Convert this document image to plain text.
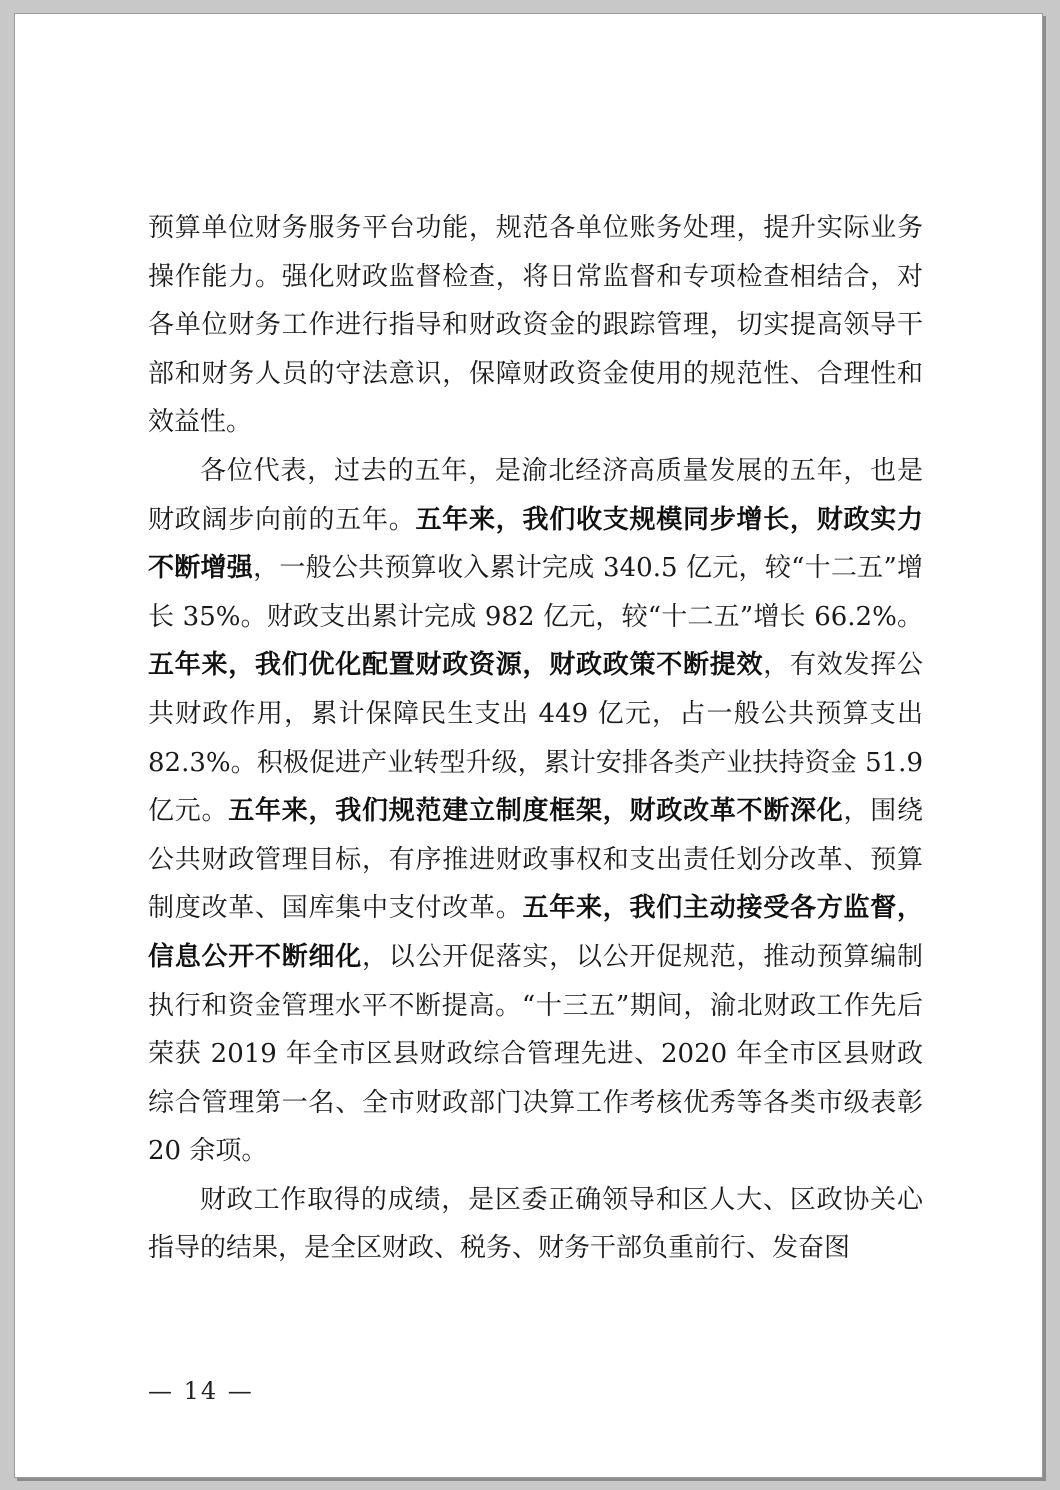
预算单位财务服务平台功能，规范各单位账务处理，提升实际业务操作能力。强化财政监督检查，将日常监督和专项检查相结合，对各单位财务工作进行指导和财政资金的跟踪管理，切实提高领导干部和财务人员的守法意识，保障财政资金使用的规范性、合理性和效益性。

各位代表，过去的五年，是渝北经济高质量发展的五年，也是财政阔步向前的五年。五年来，我们收支规模同步增长，财政实力不断增强，一般公共预算收入累计完成 340.5 亿元，较“十二五”增长 35%。财政支出累计完成 982 亿元，较“十二五”增长 66.2%。五年来，我们优化配置财政资源，财政政策不断提效，有效发挥公共财政作用，累计保障民生支出 449 亿元，占一般公共预算支出 82.3%。积极促进产业转型升级，累计安排各类产业扶持资金 51.9 亿元。五年来，我们规范建立制度框架，财政改革不断深化，围绕公共财政管理目标，有序推进财政事权和支出责任划分改革、预算制度改革、国库集中支付改革。五年来，我们主动接受各方监督，信息公开不断细化，以公开促落实，以公开促规范，推动预算编制执行和资金管理水平不断提高。“十三五”期间，渝北财政工作先后荣获 2019 年全市区县财政综合管理先进、2020 年全市区县财政综合管理第一名、全市财政部门决算工作考核优秀等各类市级表彰 20 余项。

财政工作取得的成绩，是区委正确领导和区人大、区政协关心指导的结果，是全区财政、税务、财务干部负重前行、发奋图

— 14 —
